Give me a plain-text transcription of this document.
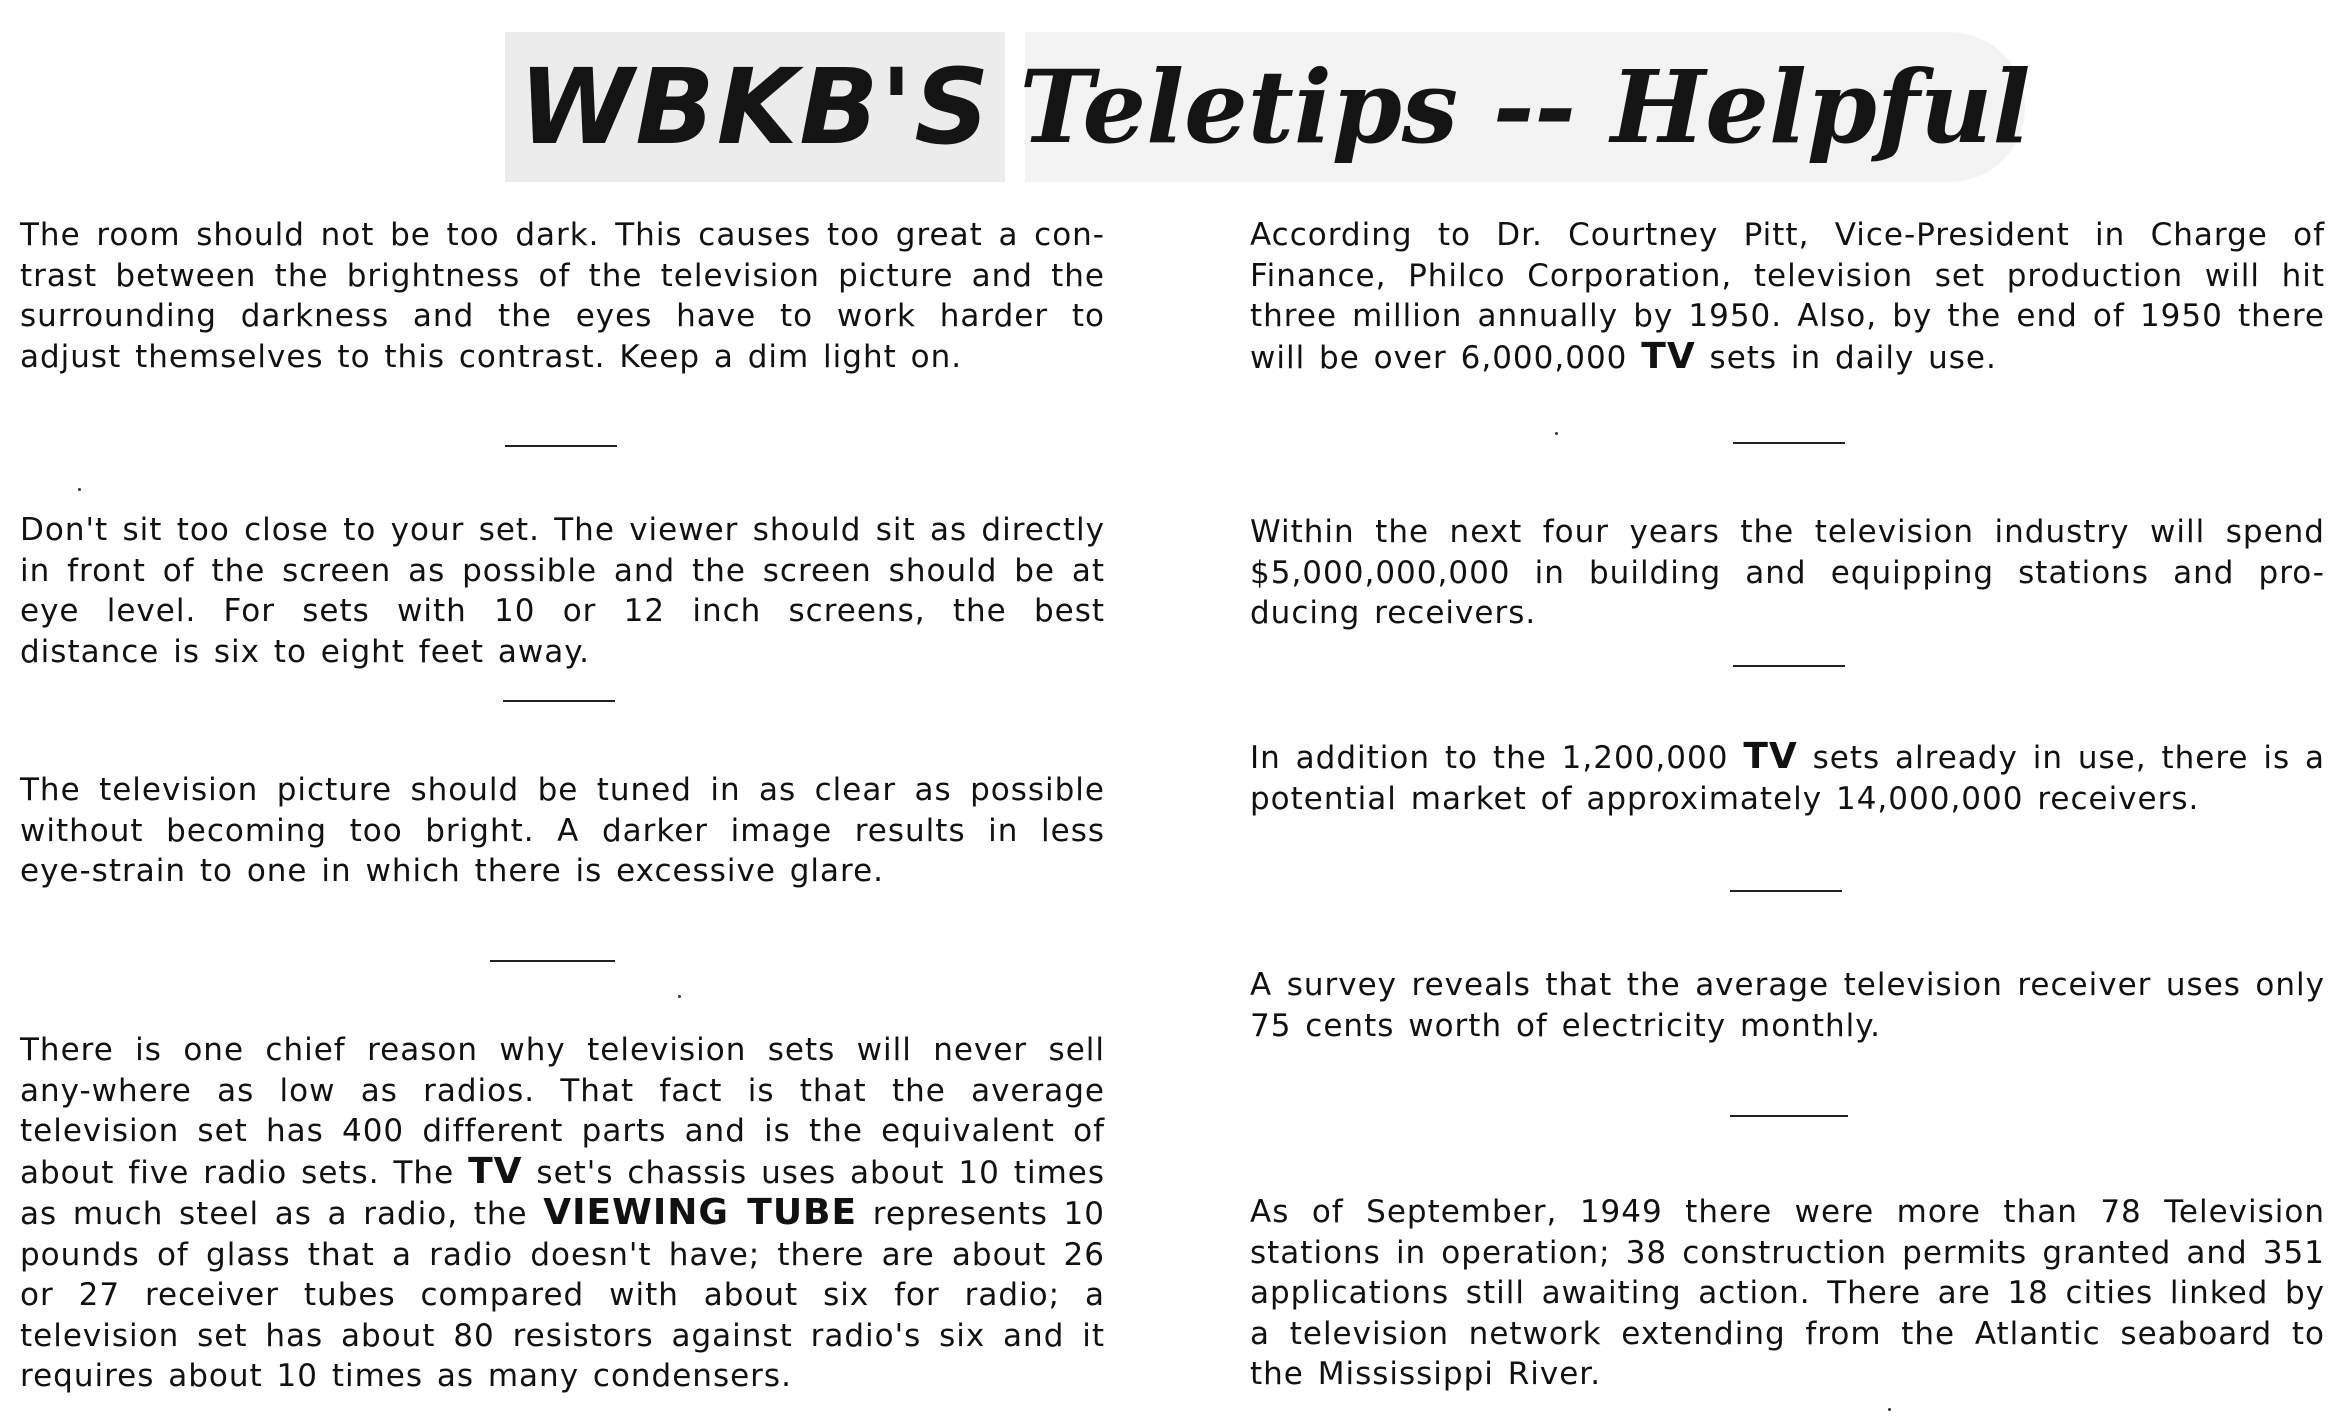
WBKB'S Teletips -- Helpful

The room should not be too dark. This causes too great a con-trast between the brightness of the television picture and the surrounding darkness and the eyes have to work harder to adjust themselves to this contrast. Keep a dim light on.

Don't sit too close to your set. The viewer should sit as directly in front of the screen as possible and the screen should be at eye level. For sets with 10 or 12 inch screens, the best distance is six to eight feet away.

The television picture should be tuned in as clear as possible without becoming too bright. A darker image results in less eye-strain to one in which there is excessive glare.

There is one chief reason why television sets will never sell any-where as low as radios. That fact is that the average television set has 400 different parts and is the equivalent of about five radio sets. The TV set's chassis uses about 10 times as much steel as a radio, the VIEWING TUBE represents 10 pounds of glass that a radio doesn't have; there are about 26 or 27 receiver tubes compared with about six for radio; a television set has about 80 resistors against radio's six and it requires about 10 times as many condensers.

According to Dr. Courtney Pitt, Vice-President in Charge of Finance, Philco Corporation, television set production will hit three million annually by 1950. Also, by the end of 1950 there will be over 6,000,000 TV sets in daily use.

Within the next four years the television industry will spend $5,000,000,000 in building and equipping stations and pro-ducing receivers.

In addition to the 1,200,000 TV sets already in use, there is a potential market of approximately 14,000,000 receivers.

A survey reveals that the average television receiver uses only 75 cents worth of electricity monthly.

As of September, 1949 there were more than 78 Television stations in operation; 38 construction permits granted and 351 applications still awaiting action. There are 18 cities linked by a television network extending from the Atlantic seaboard to the Mississippi River.
